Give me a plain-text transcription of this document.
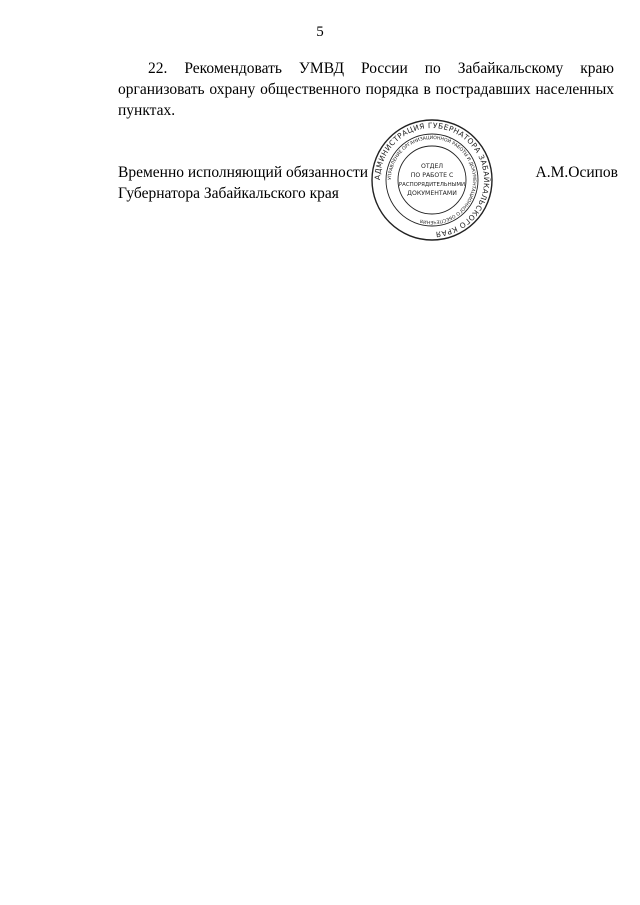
5

22. Рекомендовать УМВД России по Забайкальскому краю организовать охрану общественного порядка в пострадавших населенных пунктах.

Временно исполняющий обязанности
Губернатора Забайкальского края
А.М.Осипов
АДМИНИСТРАЦИЯ ГУБЕРНАТОРА ЗАБАЙКАЛЬСКОГО КРАЯ
УПРАВЛЕНИЕ ОРГАНИЗАЦИОННОЙ РАБОТЫ И ДОКУМЕНТАЦИОННОГО ОБЕСПЕЧЕНИЯ
ОТДЕЛ
ПО РАБОТЕ С
РАСПОРЯДИТЕЛЬНЫМИ
ДОКУМЕНТАМИ
